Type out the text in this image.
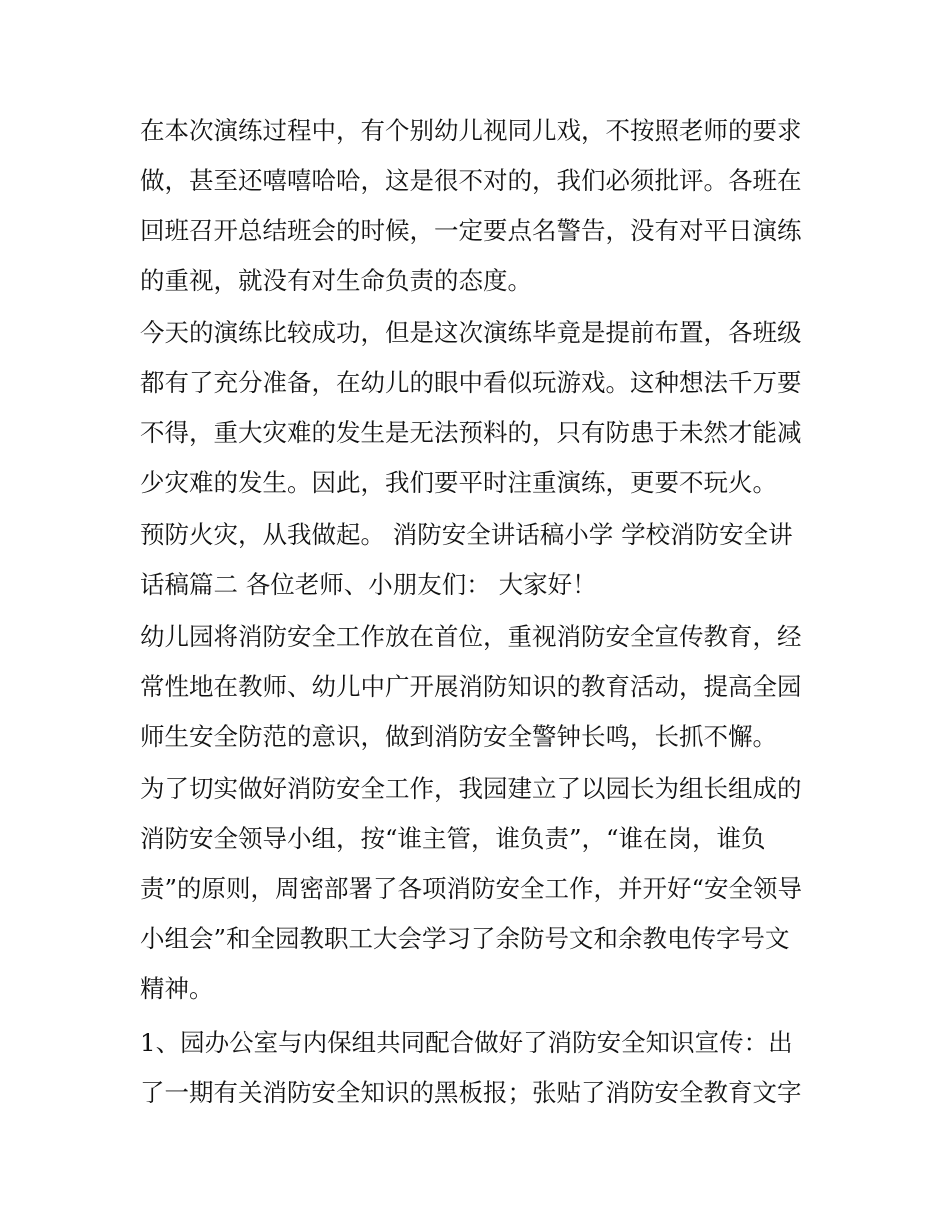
在本次演练过程中，有个别幼儿视同儿戏，不按照老师的要求
做，甚至还嘻嘻哈哈，这是很不对的，我们必须批评。各班在
回班召开总结班会的时候，一定要点名警告，没有对平日演练
的重视，就没有对生命负责的态度。
今天的演练比较成功，但是这次演练毕竟是提前布置，各班级
都有了充分准备，在幼儿的眼中看似玩游戏。这种想法千万要
不得，重大灾难的发生是无法预料的，只有防患于未然才能减
少灾难的发生。因此，我们要平时注重演练，更要不玩火。
预防火灾，从我做起。 消防安全讲话稿小学 学校消防安全讲
话稿篇二 各位老师、小朋友们： 大家好！
幼儿园将消防安全工作放在首位，重视消防安全宣传教育，经
常性地在教师、幼儿中广开展消防知识的教育活动，提高全园
师生安全防范的意识，做到消防安全警钟长鸣，长抓不懈。
为了切实做好消防安全工作，我园建立了以园长为组长组成的
消防安全领导小组，按“谁主管，谁负责”，“谁在岗，谁负
责”的原则，周密部署了各项消防安全工作，并开好“安全领导
小组会”和全园教职工大会学习了余防号文和余教电传字号文
精神。
1、园办公室与内保组共同配合做好了消防安全知识宣传：出
了一期有关消防安全知识的黑板报；张贴了消防安全教育文字
